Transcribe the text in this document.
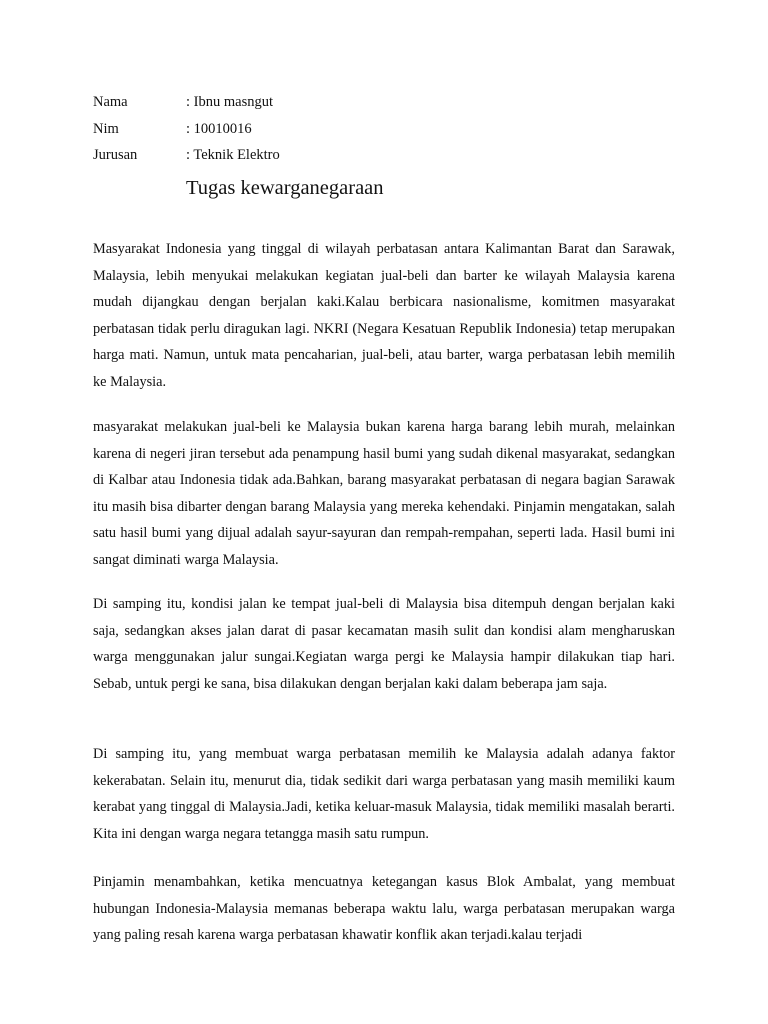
Nama	: Ibnu masngut
Nim	: 10010016
Jurusan	: Teknik Elektro
Tugas kewarganegaraan

Masyarakat Indonesia yang tinggal di wilayah perbatasan antara Kalimantan Barat dan Sarawak, Malaysia, lebih menyukai melakukan kegiatan jual-beli dan barter ke wilayah Malaysia karena mudah dijangkau dengan berjalan kaki.Kalau berbicara nasionalisme, komitmen masyarakat perbatasan tidak perlu diragukan lagi. NKRI (Negara Kesatuan Republik Indonesia) tetap merupakan harga mati. Namun, untuk mata pencaharian, jual-beli, atau barter, warga perbatasan lebih memilih ke Malaysia.

masyarakat melakukan jual-beli ke Malaysia bukan karena harga barang lebih murah, melainkan karena di negeri jiran tersebut ada penampung hasil bumi yang sudah dikenal masyarakat, sedangkan di Kalbar atau Indonesia tidak ada.Bahkan, barang masyarakat perbatasan di negara bagian Sarawak itu masih bisa dibarter dengan barang Malaysia yang mereka kehendaki. Pinjamin mengatakan, salah satu hasil bumi yang dijual adalah sayur-sayuran dan rempah-rempahan, seperti lada. Hasil bumi ini sangat diminati warga Malaysia.

Di samping itu, kondisi jalan ke tempat jual-beli di Malaysia bisa ditempuh dengan berjalan kaki saja, sedangkan akses jalan darat di pasar kecamatan masih sulit dan kondisi alam mengharuskan warga menggunakan jalur sungai.Kegiatan warga pergi ke Malaysia hampir dilakukan tiap hari. Sebab, untuk pergi ke sana, bisa dilakukan dengan berjalan kaki dalam beberapa jam saja.

Di samping itu, yang membuat warga perbatasan memilih ke Malaysia adalah adanya faktor kekerabatan. Selain itu, menurut dia, tidak sedikit dari warga perbatasan yang masih memiliki kaum kerabat yang tinggal di Malaysia.Jadi, ketika keluar-masuk Malaysia, tidak memiliki masalah berarti. Kita ini dengan warga negara tetangga masih satu rumpun.

Pinjamin menambahkan, ketika mencuatnya ketegangan kasus Blok Ambalat, yang membuat hubungan Indonesia-Malaysia memanas beberapa waktu lalu, warga perbatasan merupakan warga yang paling resah karena warga perbatasan khawatir konflik akan terjadi.kalau terjadi
